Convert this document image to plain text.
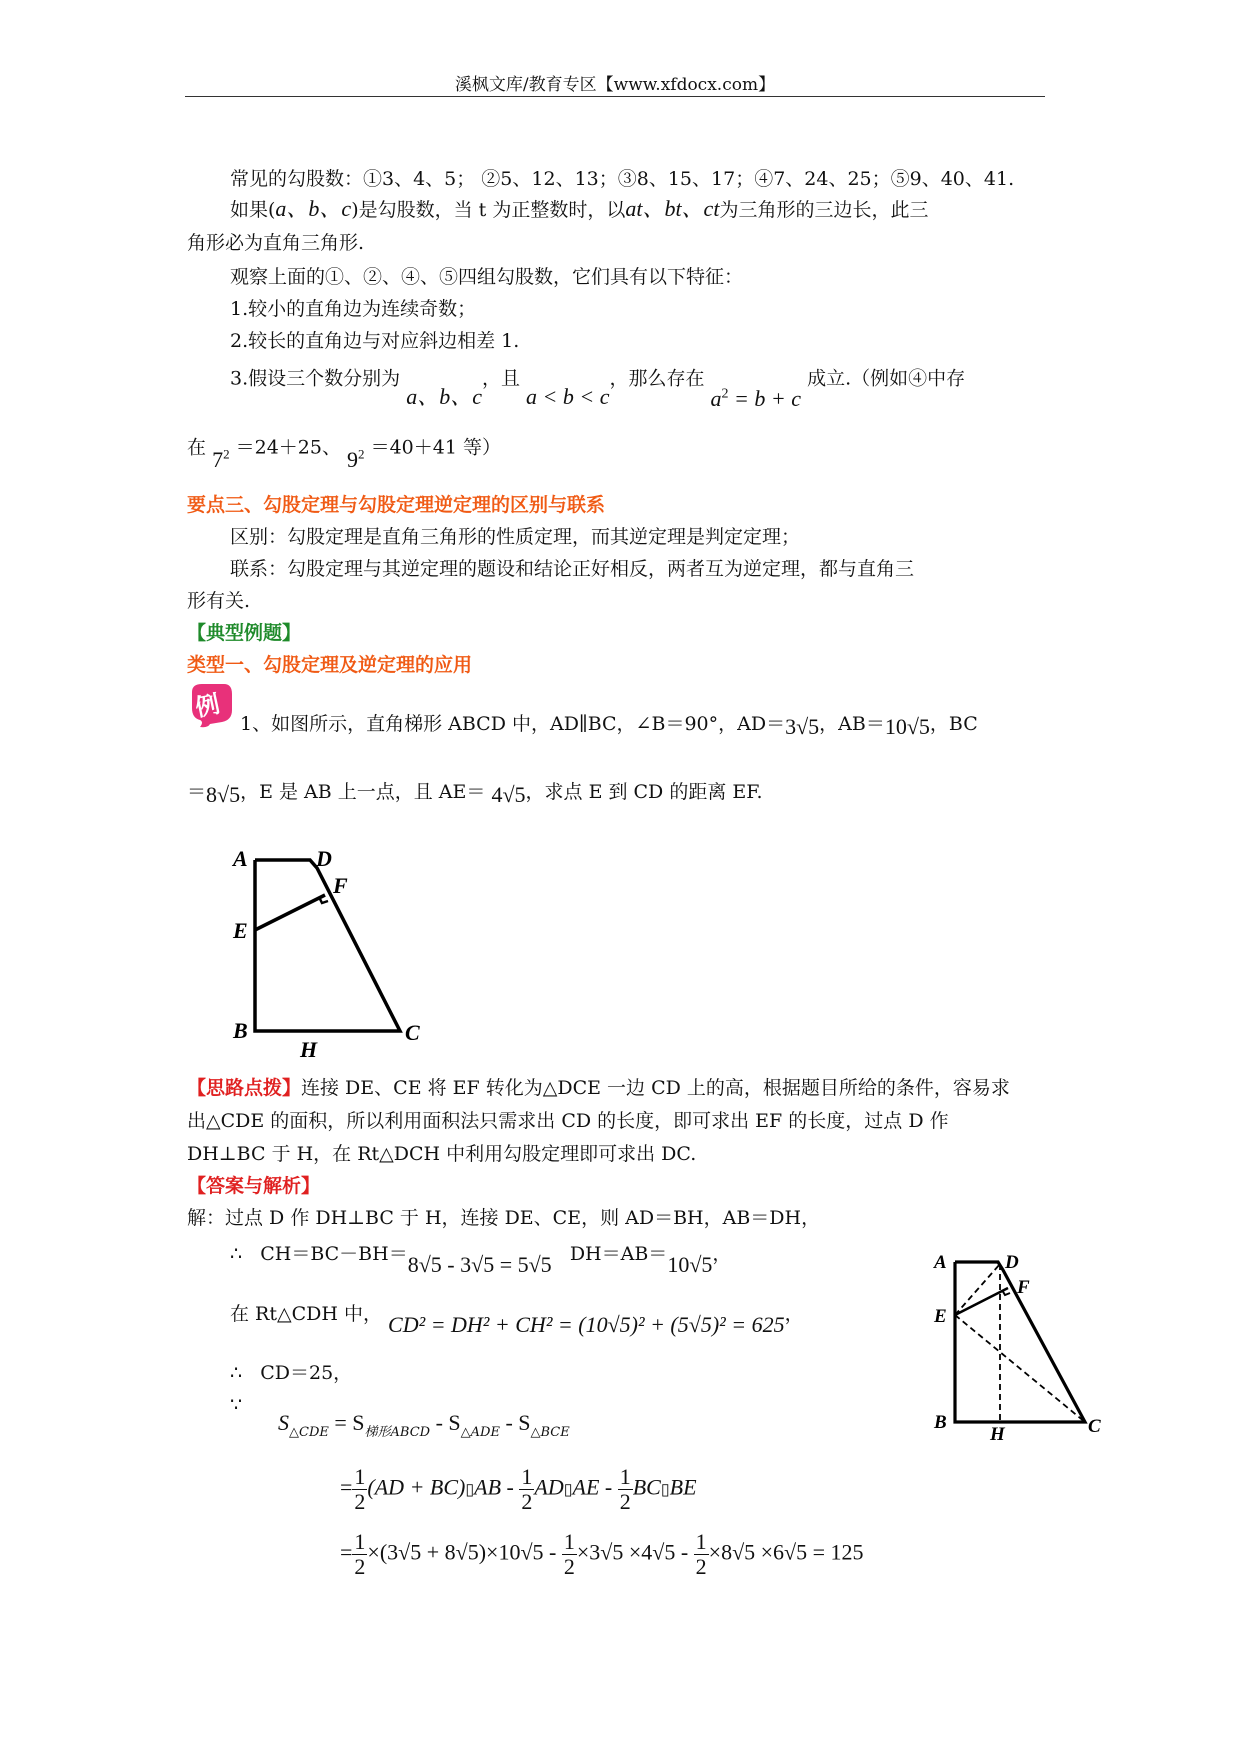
溪枫文库/教育专区【www.xfdocx.com】
常见的勾股数：①3、4、5； ②5、12、13；③8、15、17；④7、24、25；⑤9、40、41.
如果(a、b、c)是勾股数，当 t 为正整数时，以at、bt、ct为三角形的三边长，此三
角形必为直角三角形.
观察上面的①、②、④、⑤四组勾股数，它们具有以下特征：
1.较小的直角边为连续奇数；
2.较长的直角边与对应斜边相差 1.
3.假设三个数分别为 a、b、c，且 a < b < c，那么存在 $a^2 = b + c$ 成立.（例如④中存
在 $7^2 =24+25$、 $9^2 =40+41$ 等）
要点三、勾股定理与勾股定理逆定理的区别与联系
区别：勾股定理是直角三角形的性质定理，而其逆定理是判定定理；
联系：勾股定理与其逆定理的题设和结论正好相反，两者互为逆定理，都与直角三
形有关.
【典型例题】
类型一、勾股定理及逆定理的应用
例
1、如图所示，直角梯形 ABCD 中，AD∥BC，∠B＝90°，AD＝3√5，AB＝10√5，BC
＝8√5，E 是 AB 上一点，且 AE＝ 4√5，求点 E 到 CD 的距离 EF.
A	D
F
E
B
H
C
【思路点拨】连接 DE、CE 将 EF 转化为△DCE 一边 CD 上的高，根据题目所给的条件，容易求
出△CDE 的面积，所以利用面积法只需求出 CD 的长度，即可求出 EF 的长度，过点 D 作
DH⊥BC 于 H，在 Rt△DCH 中利用勾股定理即可求出 DC.
【答案与解析】
解：过点 D 作 DH⊥BC 于 H，连接 DE、CE，则 AD＝BH，AB＝DH，
∴ CH＝BC－BH＝8√5 - 3√5 = 5√5 DH＝AB＝10√5，
在 Rt△CDH 中， CD² = DH² + CH² = (10√5)² + (5√5)² = 625，
∴ CD＝25，
∵
$S_{\triangle CDE} = S_{梯形ABCD} - S_{\triangle ADE} - S_{\triangle BCE}$
= $\frac{1}{2} (AD$ + BC)▯AB - $\frac{1}{2}$ AD▯AE - $\frac{1}{2}$ BC▯BE
= $\frac{1}{2} \times(3√5 + 8√5)\times 10√5 - \frac{1}{2} \times 3√5 \times 4√5 - \frac{1}{2} \times 8√5 \times 6√5 = 125$
A	D
F
E
B
H	C
